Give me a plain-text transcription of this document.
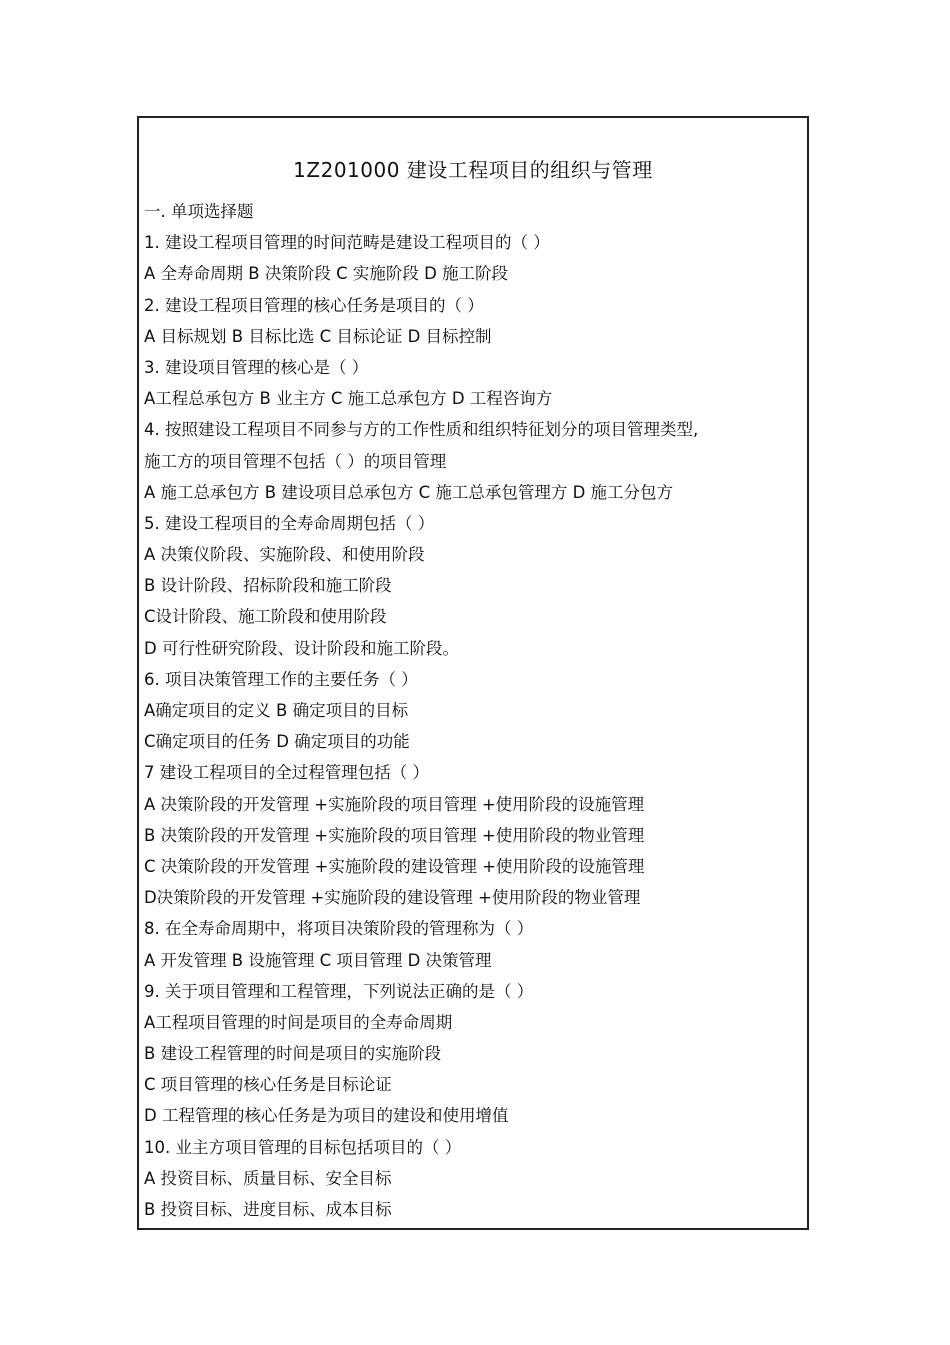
1Z201000 建设工程项目的组织与管理
一. 单项选择题
1. 建设工程项目管理的时间范畴是建设工程项目的（ ）
A 全寿命周期 B 决策阶段 C 实施阶段 D 施工阶段
2. 建设工程项目管理的核心任务是项目的（ ）
A 目标规划 B 目标比选 C 目标论证 D 目标控制
3. 建设项目管理的核心是（ ）
A工程总承包方 B 业主方 C 施工总承包方 D 工程咨询方
4. 按照建设工程项目不同参与方的工作性质和组织特征划分的项目管理类型,
施工方的项目管理不包括（ ）的项目管理
A 施工总承包方 B 建设项目总承包方 C 施工总承包管理方 D 施工分包方
5. 建设工程项目的全寿命周期包括（ ）
A 决策仪阶段、实施阶段、和使用阶段
B 设计阶段、招标阶段和施工阶段
C设计阶段、施工阶段和使用阶段
D 可行性研究阶段、设计阶段和施工阶段。
6. 项目决策管理工作的主要任务（ ）
A确定项目的定义 B 确定项目的目标
C确定项目的任务 D 确定项目的功能
7 建设工程项目的全过程管理包括（ ）
A 决策阶段的开发管理 +实施阶段的项目管理 +使用阶段的设施管理
B 决策阶段的开发管理 +实施阶段的项目管理 +使用阶段的物业管理
C 决策阶段的开发管理 +实施阶段的建设管理 +使用阶段的设施管理
D决策阶段的开发管理 +实施阶段的建设管理 +使用阶段的物业管理
8. 在全寿命周期中，将项目决策阶段的管理称为（ ）
A 开发管理 B 设施管理 C 项目管理 D 决策管理
9. 关于项目管理和工程管理，下列说法正确的是（ ）
A工程项目管理的时间是项目的全寿命周期
B 建设工程管理的时间是项目的实施阶段
C 项目管理的核心任务是目标论证
D 工程管理的核心任务是为项目的建设和使用增值
10. 业主方项目管理的目标包括项目的（ ）
A 投资目标、质量目标、安全目标
B 投资目标、进度目标、成本目标
